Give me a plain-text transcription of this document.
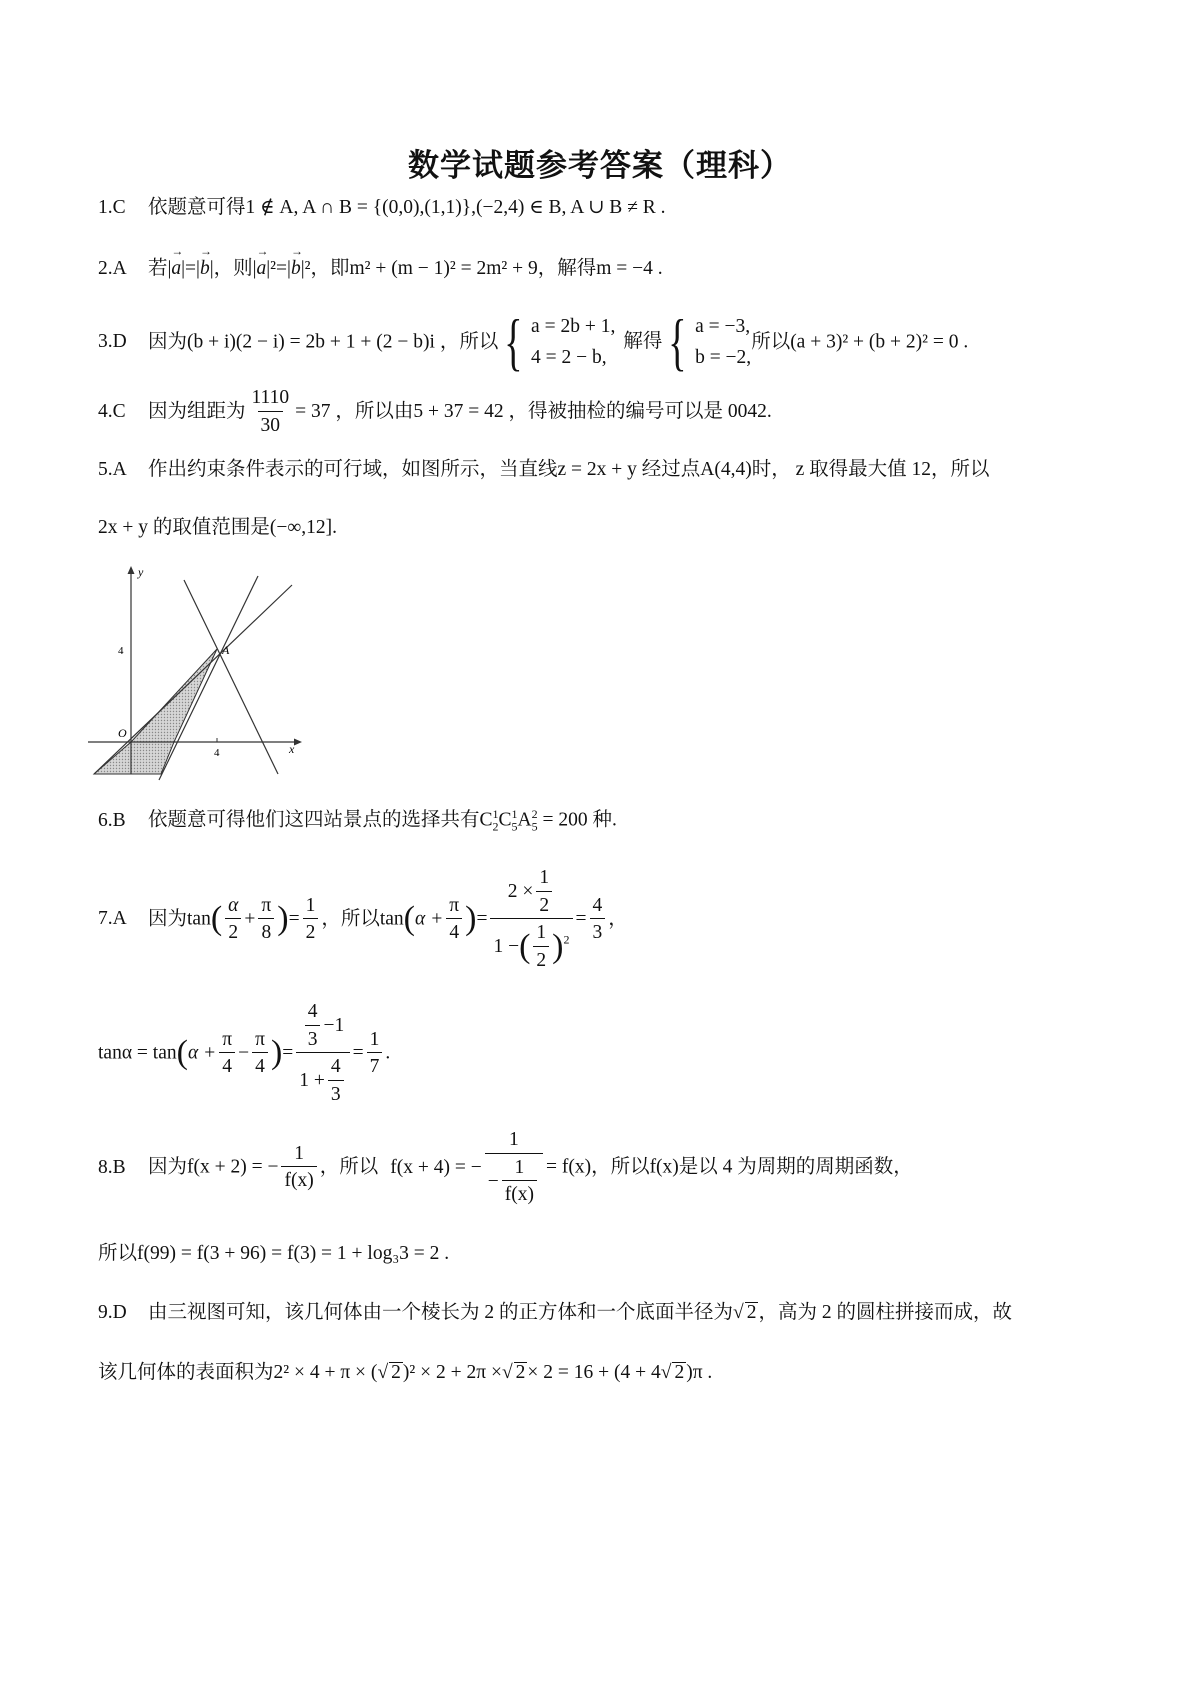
数学试题参考答案（理科）
1.C 依题意可得1 ∉ A, A ∩ B = {(0,0),(1,1)},(−2,4) ∈ B, A ∪ B ≠ R .
2.A 若|→ a|=|→ b|，则|→ a|²=|→ b|²，即m² + (m − 1)² = 2m² + 9，解得m = −4 .
3.D 因为(b + i)(2 − i) = 2b + 1 + (2 − b)i ，所以{ a = 2b + 1,
4 = 2 − b,
解得{ a = −3,
b = −2,
所以(a + 3)² + (b + 2)² = 0 .
4.C 因为组距为 $\frac{1110}{30} = 37$ ，所以由5 + 37 = 42 ，得被抽检的编号可以是 0042.
5.A 作出约束条件表示的可行域，如图所示，当直线z = 2x + y 经过点A(4,4)时， z 取得最大值 12，所以
2x + y 的取值范围是(−∞,12].
y
x
O
A
4
4
6.B 依题意可得他们这四站景点的选择共有$C_2^1C_5^1A_5^2 = 200$ 种.
7.A 因为$\tan( \frac{\alpha}{2} + \frac{\pi}{8}$ )= $\frac{1}{2}$ ，所以$\tan(\alpha + \frac{\pi}{4}$ )= $\frac{2 \times \frac{1}{2}}{1 -( \frac{1}{2} )^2} = \frac{4}{3}$ ，
$\tan\alpha = \tan(\alpha + \frac{\pi}{4} - \frac{\pi}{4}$ )= $\frac{\frac{4}{3} -1}{1 + \frac{4}{3}} = \frac{1}{7}$ .
8.B 因为f(x + 2) = − $\frac{1}{f(x)}$ ，所以 f(x + 4) = − $\frac{1}{- \frac{1}{f(x)}} = f(x)$，所以f(x)是以 4 为周期的周期函数，
所以f(99) = f(3 + 96) = f(3) = 1 + log₃3 = 2 .
9.D 由三视图可知，该几何体由一个棱长为 2 的正方体和一个底面半径为√ 2 ，高为 2 的圆柱拼接而成，故
该几何体的表面积为2² × 4 + π × (√ 2 )² × 2 + 2π ×√ 2 × 2 = 16 + (4 + 4√ 2 )π .
